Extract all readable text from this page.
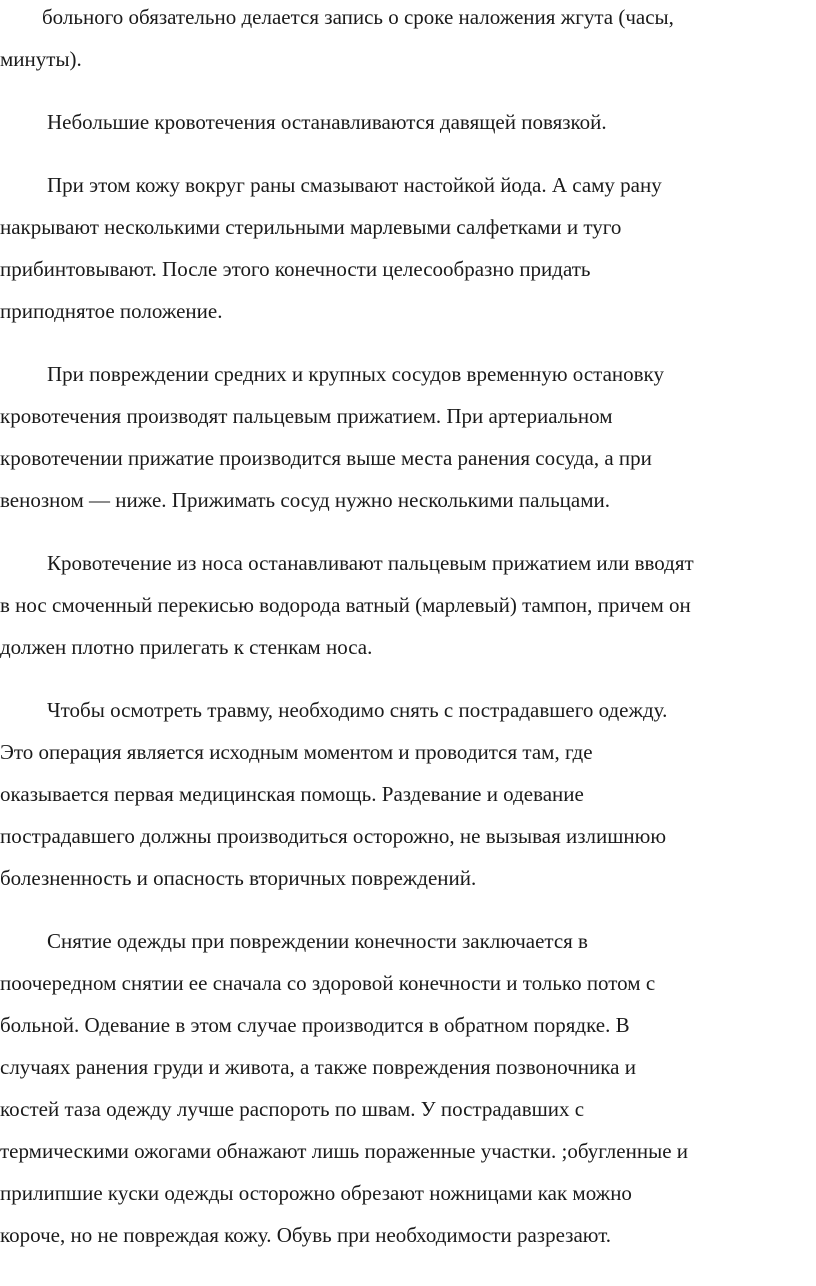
больного обязательно делается запись о сроке наложения жгута (часы,
минуты).
Небольшие кровотечения останавливаются давящей повязкой.
При этом кожу вокруг раны смазывают настойкой йода. А саму рану
накрывают несколькими стерильными марлевыми салфетками и туго
прибинтовывают. После этого конечности целесообразно придать
приподнятое положение.
При повреждении средних и крупных сосудов временную остановку
кровотечения производят пальцевым прижатием. При артериальном
кровотечении прижатие производится выше места ранения сосуда, а при
венозном — ниже. Прижимать сосуд нужно несколькими пальцами.
Кровотечение из носа останавливают пальцевым прижатием или вводят
в нос смоченный перекисью водорода ватный (марлевый) тампон, причем он
должен плотно прилегать к стенкам носа.
Чтобы осмотреть травму, необходимо снять с пострадавшего одежду.
Это операция является исходным моментом и проводится там, где
оказывается первая медицинская помощь. Раздевание и одевание
пострадавшего должны производиться осторожно, не вызывая излишнюю
болезненность и опасность вторичных повреждений.
Снятие одежды при повреждении конечности заключается в
поочередном снятии ее сначала со здоровой конечности и только потом с
больной. Одевание в этом случае производится в обратном порядке. В
случаях ранения груди и живота, а также повреждения позвоночника и
костей таза одежду лучше распороть по швам. У пострадавших с
термическими ожогами обнажают лишь пораженные участки. ;обугленные и
прилипшие куски одежды осторожно обрезают ножницами как можно
короче, но не повреждая кожу. Обувь при необходимости разрезают.
